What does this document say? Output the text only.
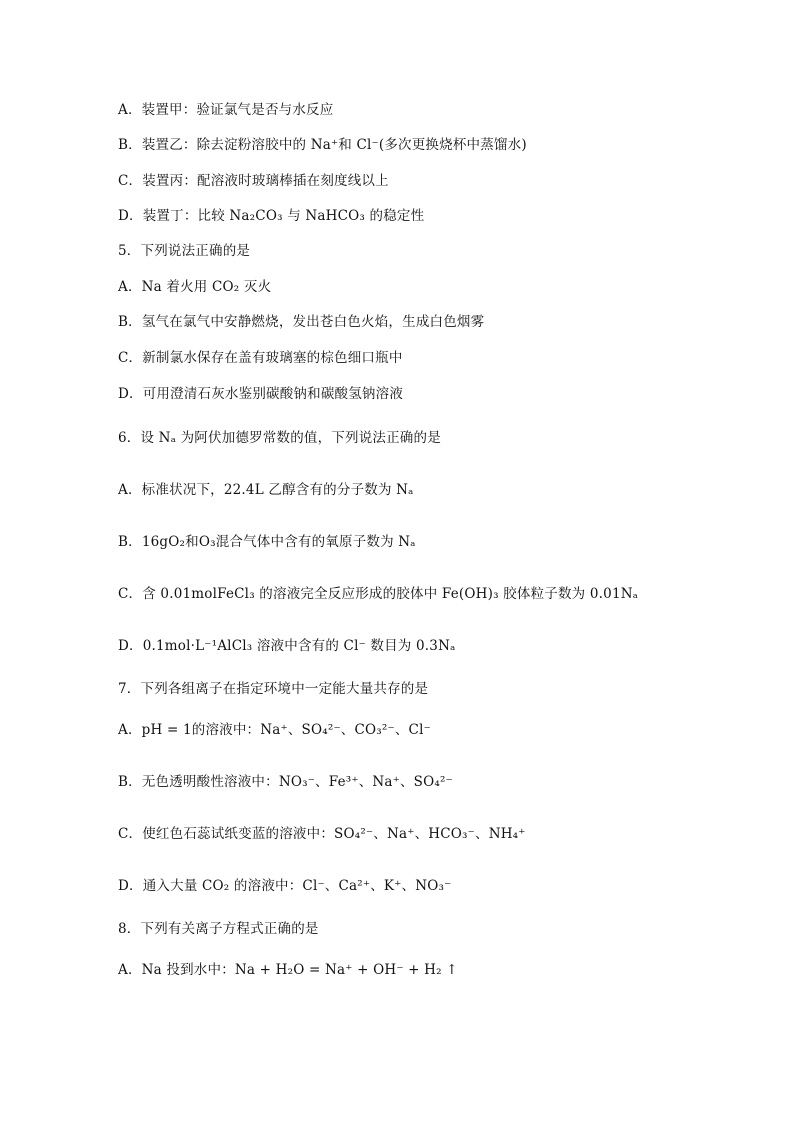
A．装置甲：验证氯气是否与水反应
B．装置乙：除去淀粉溶胶中的 Na⁺和 Cl⁻(多次更换烧杯中蒸馏水)
C．装置丙：配溶液时玻璃棒插在刻度线以上
D．装置丁：比较 Na₂CO₃ 与 NaHCO₃ 的稳定性
5．下列说法正确的是
A．Na 着火用 CO₂ 灭火
B．氢气在氯气中安静燃烧，发出苍白色火焰，生成白色烟雾
C．新制氯水保存在盖有玻璃塞的棕色细口瓶中
D．可用澄清石灰水鉴别碳酸钠和碳酸氢钠溶液
6．设 Nₐ 为阿伏加德罗常数的值，下列说法正确的是
A．标准状况下，22.4L 乙醇含有的分子数为 Nₐ
B．16gO₂和O₃混合气体中含有的氧原子数为 Nₐ
C．含 0.01molFeCl₃ 的溶液完全反应形成的胶体中 Fe(OH)₃ 胶体粒子数为 0.01Nₐ
D．0.1mol·L⁻¹AlCl₃ 溶液中含有的 Cl⁻ 数目为 0.3Nₐ
7．下列各组离子在指定环境中一定能大量共存的是
A．pH = 1的溶液中：Na⁺、SO₄²⁻、CO₃²⁻、Cl⁻
B．无色透明酸性溶液中：NO₃⁻、Fe³⁺、Na⁺、SO₄²⁻
C．使红色石蕊试纸变蓝的溶液中：SO₄²⁻、Na⁺、HCO₃⁻、NH₄⁺
D．通入大量 CO₂ 的溶液中：Cl⁻、Ca²⁺、K⁺、NO₃⁻
8．下列有关离子方程式正确的是
A．Na 投到水中：Na + H₂O = Na⁺ + OH⁻ + H₂ ↑
